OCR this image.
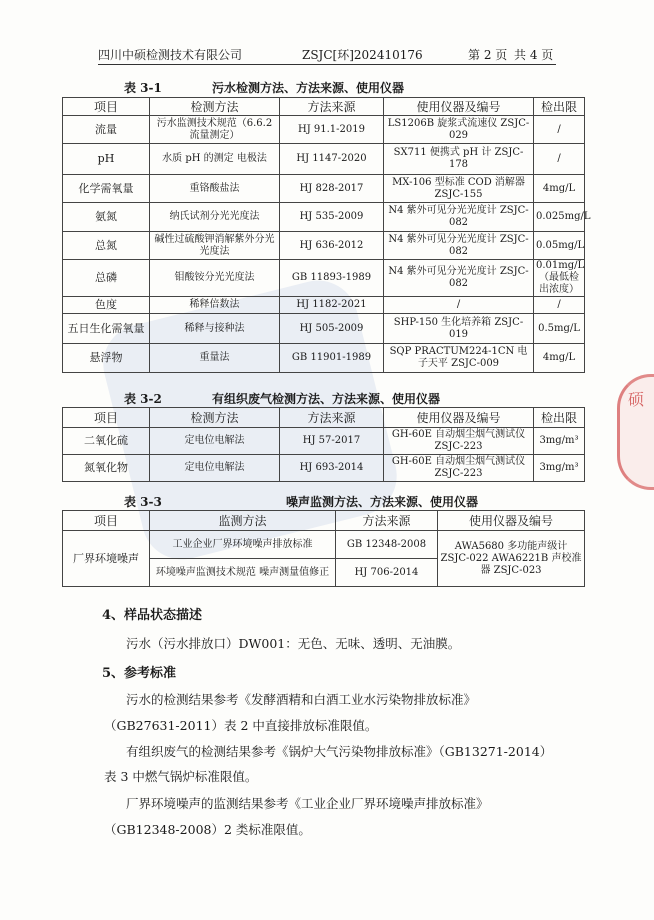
四川中硕检测技术有限公司	ZSJC[环]202410176	第 2 页 共 4 页
表 3-1	污水检测方法、方法来源、使用仪器
项目	检测方法	方法来源	使用仪器及编号	检出限
流量	污水监测技术规范（6.6.2 流量测定）	HJ 91.1-2019	LS1206B 旋浆式流速仪 ZSJC-029	/
pH	水质 pH 的测定 电极法	HJ 1147-2020	SX711 便携式 pH 计 ZSJC-178	/
化学需氧量	重铬酸盐法	HJ 828-2017	MX-106 型标准 COD 消解器 ZSJC-155	4mg/L
氨氮	纳氏试剂分光光度法	HJ 535-2009	N4 紫外可见分光光度计 ZSJC-082	0.025mg/L
总氮	碱性过硫酸钾消解紫外分光光度法	HJ 636-2012	N4 紫外可见分光光度计 ZSJC-082	0.05mg/L
总磷	钼酸铵分光光度法	GB 11893-1989	N4 紫外可见分光光度计 ZSJC-082	0.01mg/L（最低检出浓度）
色度	稀释倍数法	HJ 1182-2021	/	/
五日生化需氧量	稀释与接种法	HJ 505-2009	SHP-150 生化培养箱 ZSJC-019	0.5mg/L
悬浮物	重量法	GB 11901-1989	SQP PRACTUM224-1CN 电子天平 ZSJC-009	4mg/L
表 3-2	有组织废气检测方法、方法来源、使用仪器
项目	检测方法	方法来源	使用仪器及编号	检出限
二氧化硫	定电位电解法	HJ 57-2017	GH-60E 自动烟尘烟气测试仪 ZSJC-223	3mg/m³
氮氧化物	定电位电解法	HJ 693-2014	GH-60E 自动烟尘烟气测试仪 ZSJC-223	3mg/m³
表 3-3	噪声监测方法、方法来源、使用仪器
项目	监测方法	方法来源	使用仪器及编号
厂界环境噪声	工业企业厂界环境噪声排放标准	GB 12348-2008	AWA5680 多功能声级计 ZSJC-022 AWA6221B 声校准器 ZSJC-023
	环境噪声监测技术规范 噪声测量值修正	HJ 706-2014	
4、样品状态描述
污水（污水排放口）DW001：无色、无味、透明、无油膜。
5、参考标准
污水的检测结果参考《发酵酒精和白酒工业水污染物排放标准》
（GB27631-2011）表 2 中直接排放标准限值。
有组织废气的检测结果参考《锅炉大气污染物排放标准》（GB13271-2014）
表 3 中燃气锅炉标准限值。
厂界环境噪声的监测结果参考《工业企业厂界环境噪声排放标准》
（GB12348-2008）2 类标准限值。
硕
